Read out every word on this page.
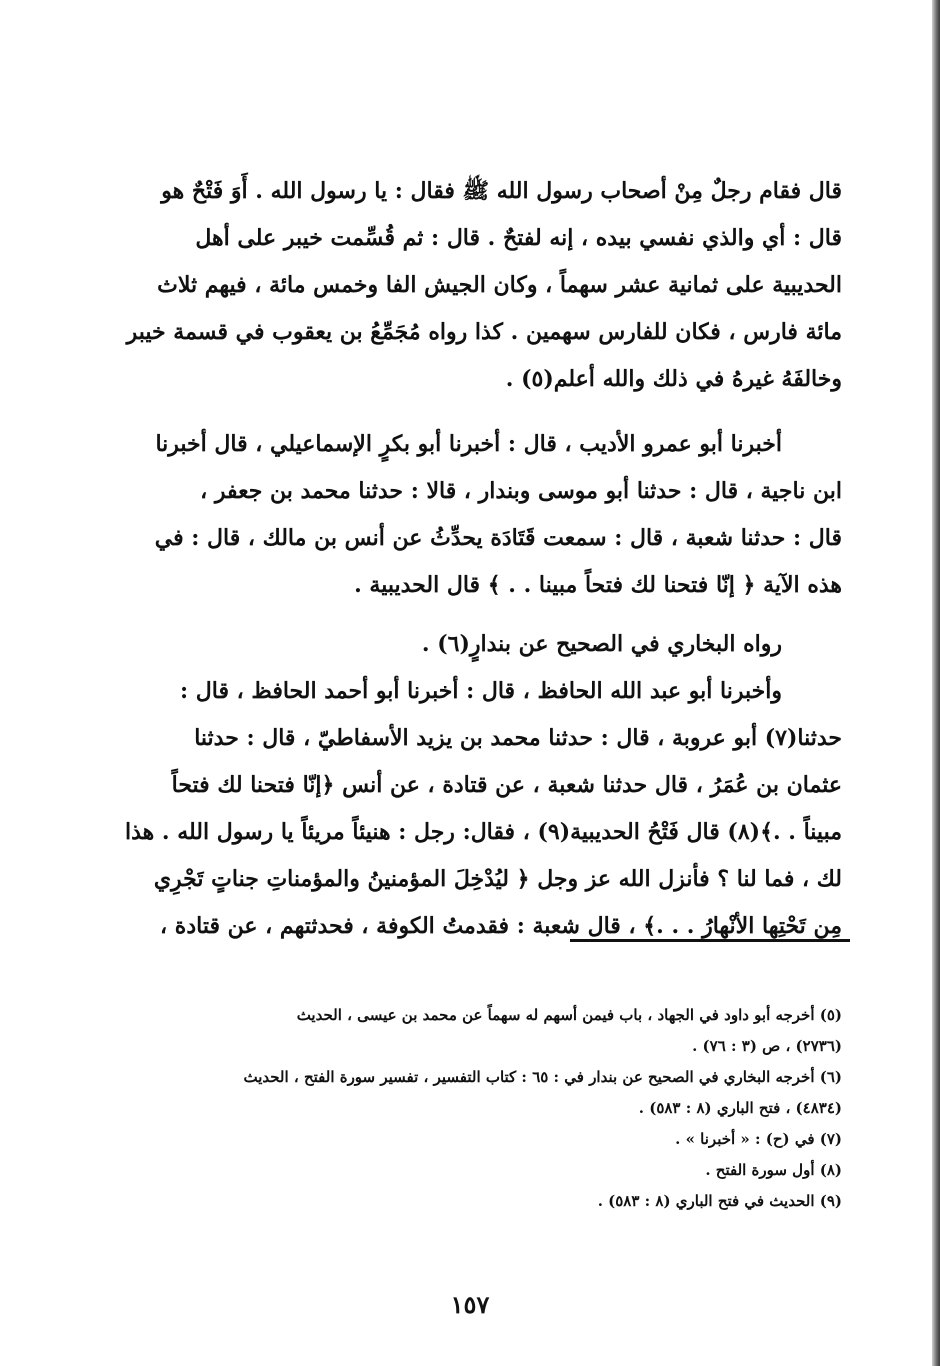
قال فقام رجلٌ مِنْ أصحاب رسول الله ﷺ فقال : يا رسول الله . أَوَ فَتْحٌ هو
قال : أي والذي نفسي بيده ، إنه لفتحٌ . قال : ثم قُسِّمت خيبر على أهل
الحديبية على ثمانية عشر سهماً ، وكان الجيش الفا وخمس مائة ، فيهم ثلاث
مائة فارس ، فكان للفارس سهمين . كذا رواه مُجَمِّعُ بن يعقوب في قسمة خيبر
وخالفَهُ غيرهُ في ذلك والله أعلم(٥) .

أخبرنا أبو عمرو الأديب ، قال : أخبرنا أبو بكرٍ الإسماعيلي ، قال أخبرنا
ابن ناجية ، قال : حدثنا أبو موسى وبندار ، قالا : حدثنا محمد بن جعفر ،
قال : حدثنا شعبة ، قال : سمعت قَتَادَة يحدِّثُ عن أنس بن مالك ، قال : في
هذه الآية ﴿ إنّا فتحنا لك فتحاً مبينا . . ﴾ قال الحديبية .

رواه البخاري في الصحيح عن بندارٍ(٦) .

وأخبرنا أبو عبد الله الحافظ ، قال : أخبرنا أبو أحمد الحافظ ، قال :
حدثنا(٧) أبو عروبة ، قال : حدثنا محمد بن يزيد الأسفاطيّ ، قال : حدثنا
عثمان بن عُمَرُ ، قال حدثنا شعبة ، عن قتادة ، عن أنس ﴿إنّا فتحنا لك فتحاً
مبيناً . .﴾(٨) قال فَتْحُ الحديبية(٩) ، فقال: رجل : هنيئاً مريئاً يا رسول الله . هذا
لك ، فما لنا ؟ فأنزل الله عز وجل ﴿ ليُدْخِلَ المؤمنينُ والمؤمناتِ جناتٍ تَجْرِي
مِن تَحْتِها الأنْهارُ . . .﴾ ، قال شعبة : فقدمتُ الكوفة ، فحدثتهم ، عن قتادة ،

(٥) أخرجه أبو داود في الجهاد ، باب فيمن أسهم له سهماً عن محمد بن عيسى ، الحديث
(٢٧٣٦) ، ص (٣ : ٧٦) .

(٦) أخرجه البخاري في الصحيح عن بندار في : ٦٥ : كتاب التفسير ، تفسير سورة الفتح ، الحديث
(٤٨٣٤) ، فتح الباري (٨ : ٥٨٣) .

(٧) في (ح) : « أخبرنا » .

(٨) أول سورة الفتح .

(٩) الحديث في فتح الباري (٨ : ٥٨٣) .

١٥٧
